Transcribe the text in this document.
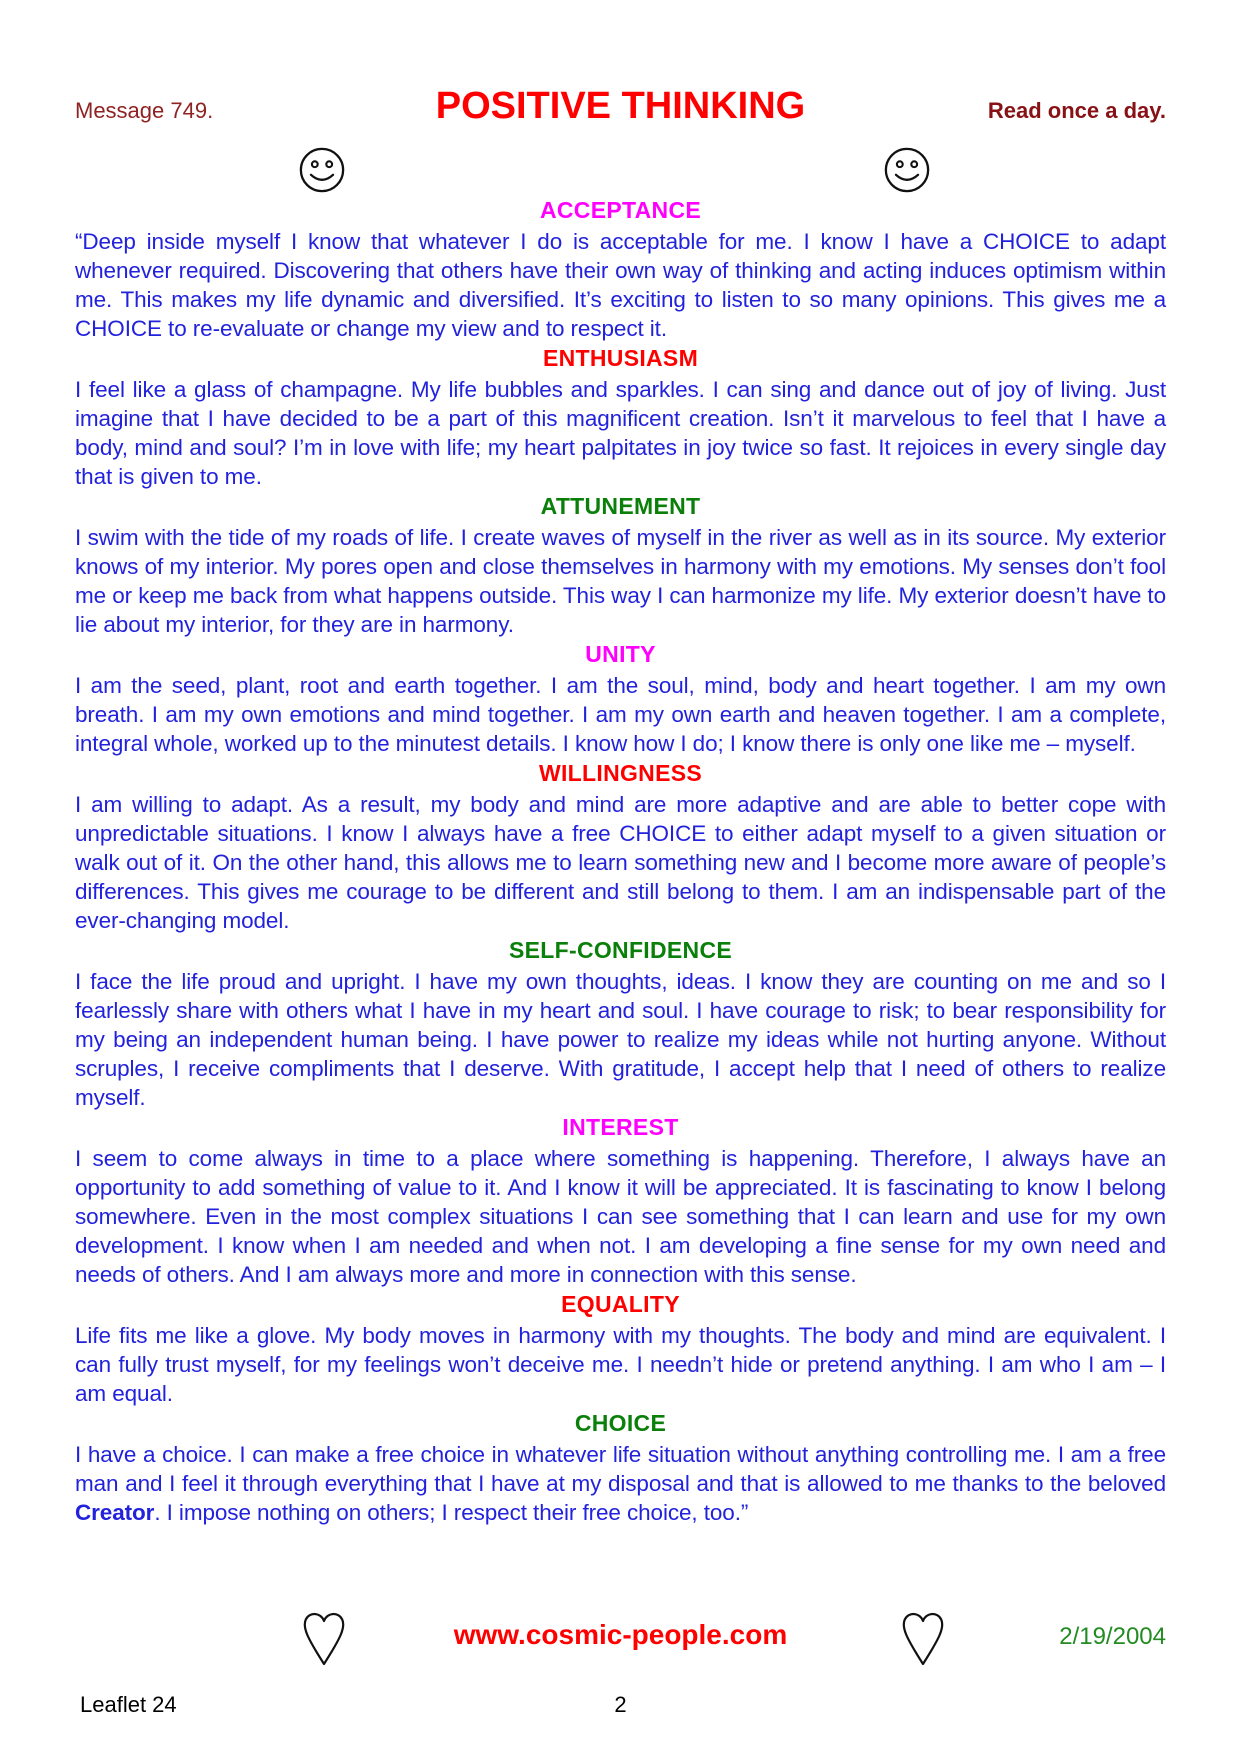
Message 749.	POSITIVE THINKING	Read once a day.
ACCEPTANCE

“Deep inside myself I know that whatever I do is acceptable for me. I know I have a CHOICE to adapt whenever required. Discovering that others have their own way of thinking and acting induces optimism within me. This makes my life dynamic and diversified. It’s exciting to listen to so many opinions. This gives me a CHOICE to re-evaluate or change my view and to respect it.

ENTHUSIASM

I feel like a glass of champagne. My life bubbles and sparkles. I can sing and dance out of joy of living. Just imagine that I have decided to be a part of this magnificent creation. Isn’t it marvelous to feel that I have a body, mind and soul? I’m in love with life; my heart palpitates in joy twice so fast. It rejoices in every single day that is given to me.

ATTUNEMENT

I swim with the tide of my roads of life. I create waves of myself in the river as well as in its source. My exterior knows of my interior. My pores open and close themselves in harmony with my emotions. My senses don’t fool me or keep me back from what happens outside. This way I can harmonize my life. My exterior doesn’t have to lie about my interior, for they are in harmony.

UNITY

I am the seed, plant, root and earth together. I am the soul, mind, body and heart together. I am my own breath. I am my own emotions and mind together. I am my own earth and heaven together. I am a complete, integral whole, worked up to the minutest details. I know how I do; I know there is only one like me – myself.

WILLINGNESS

I am willing to adapt. As a result, my body and mind are more adaptive and are able to better cope with unpredictable situations. I know I always have a free CHOICE to either adapt myself to a given situation or walk out of it. On the other hand, this allows me to learn something new and I become more aware of people’s differences. This gives me courage to be different and still belong to them. I am an indispensable part of the ever-changing model.

SELF-CONFIDENCE

I face the life proud and upright. I have my own thoughts, ideas. I know they are counting on me and so I fearlessly share with others what I have in my heart and soul. I have courage to risk; to bear responsibility for my being an independent human being. I have power to realize my ideas while not hurting anyone. Without scruples, I receive compliments that I deserve. With gratitude, I accept help that I need of others to realize myself.

INTEREST

I seem to come always in time to a place where something is happening. Therefore, I always have an opportunity to add something of value to it. And I know it will be appreciated. It is fascinating to know I belong somewhere. Even in the most complex situations I can see something that I can learn and use for my own development. I know when I am needed and when not. I am developing a fine sense for my own need and needs of others. And I am always more and more in connection with this sense.

EQUALITY

Life fits me like a glove. My body moves in harmony with my thoughts. The body and mind are equivalent. I can fully trust myself, for my feelings won’t deceive me. I needn’t hide or pretend anything. I am who I am – I am equal.

CHOICE

I have a choice. I can make a free choice in whatever life situation without anything controlling me. I am a free man and I feel it through everything that I have at my disposal and that is allowed to me thanks to the beloved Creator. I impose nothing on others; I respect their free choice, too.”

www.cosmic-people.com	2/19/2004
Leaflet 24	2
